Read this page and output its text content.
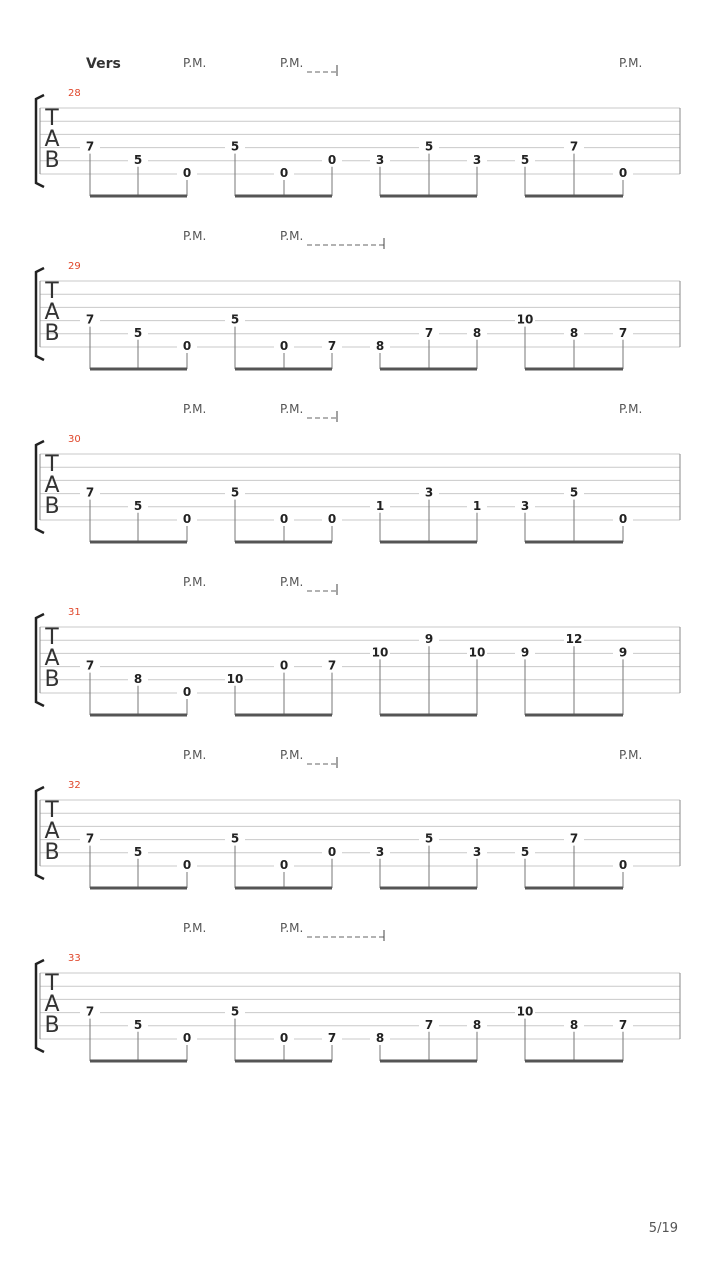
Vers
T
A
B
28
P.M.	P.M.	P.M.
7
5
0
5
0
0	3
5
3	5
7
0
T
A
B
29
P.M.	P.M.
7
5
0
5
0	7	8
7	8
10
8	7
T
A
B
30
P.M.	P.M.	P.M.
7
5
0
5
0	0
1
3
1	3
5
0
T
A
B
31
P.M.	P.M.
7
8
0
10
0	7
10
9
10	9
12
9
T
A
B
32
P.M.	P.M.	P.M.
7
5
0
5
0
0	3
5
3	5
7
0
T
A
B
33
P.M.	P.M.
7
5
0
5
0	7	8
7	8
10
8	7
5/19
